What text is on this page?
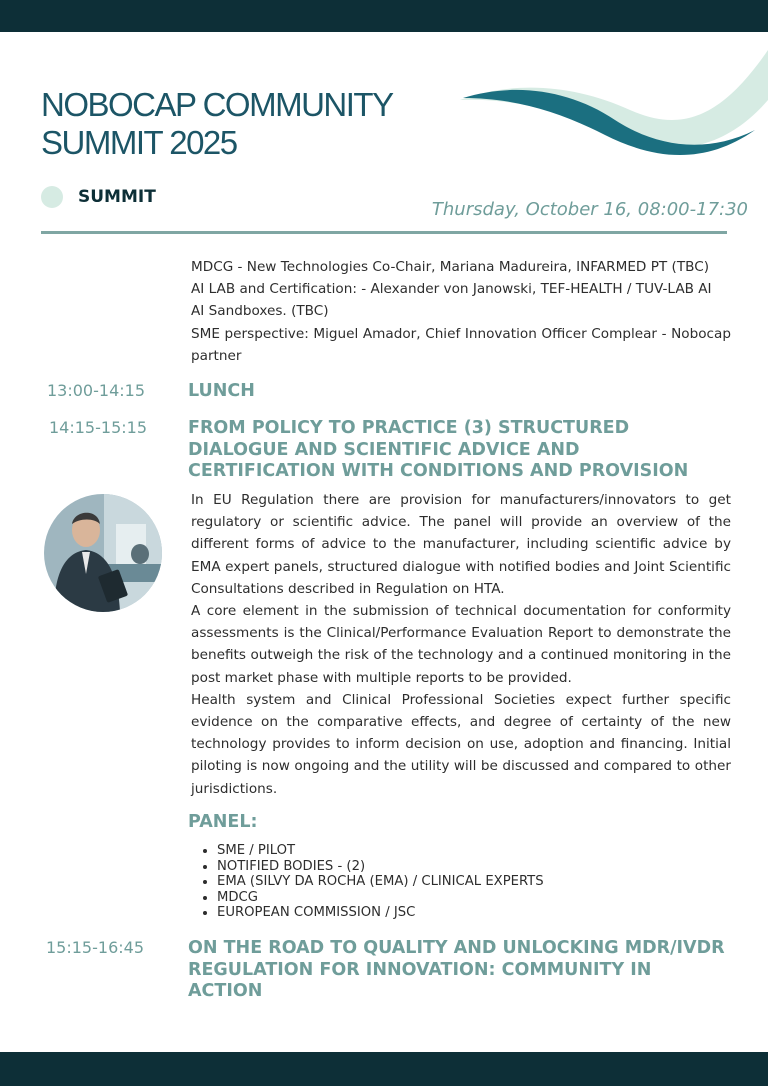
NOBOCAP COMMUNITY
SUMMIT 2025
SUMMIT
Thursday, October 16, 08:00-17:30

MDCG - New Technologies Co-Chair, Mariana Madureira, INFARMED PT (TBC)

AI LAB and Certification: - Alexander von Janowski, TEF-HEALTH / TUV-LAB AI

AI Sandboxes. (TBC)

SME perspective: Miguel Amador, Chief Innovation Officer Complear - Nobocap partner

13:00-14:15 LUNCH
14:15-15:15 FROM POLICY TO PRACTICE (3) STRUCTURED
DIALOGUE AND SCIENTIFIC ADVICE AND
CERTIFICATION WITH CONDITIONS AND PROVISION

In EU Regulation there are provision for manufacturers/innovators to get regulatory or scientific advice. The panel will provide an overview of the different forms of advice to the manufacturer, including scientific advice by EMA expert panels, structured dialogue with notified bodies and Joint Scientific Consultations described in Regulation on HTA.

A core element in the submission of technical documentation for conformity assessments is the Clinical/Performance Evaluation Report to demonstrate the benefits outweigh the risk of the technology and a continued monitoring in the post market phase with multiple reports to be provided.

Health system and Clinical Professional Societies expect further specific evidence on the comparative effects, and degree of certainty of the new technology provides to inform decision on use, adoption and financing. Initial piloting is now ongoing and the utility will be discussed and compared to other jurisdictions.

PANEL:
• SME / PILOT
• NOTIFIED BODIES - (2)
• EMA (SILVY DA ROCHA (EMA) / CLINICAL EXPERTS
• MDCG
• EUROPEAN COMMISSION / JSC
15:15-16:45	ON THE ROAD TO QUALITY AND UNLOCKING MDR/IVDR
REGULATION FOR INNOVATION: COMMUNITY IN
ACTION
